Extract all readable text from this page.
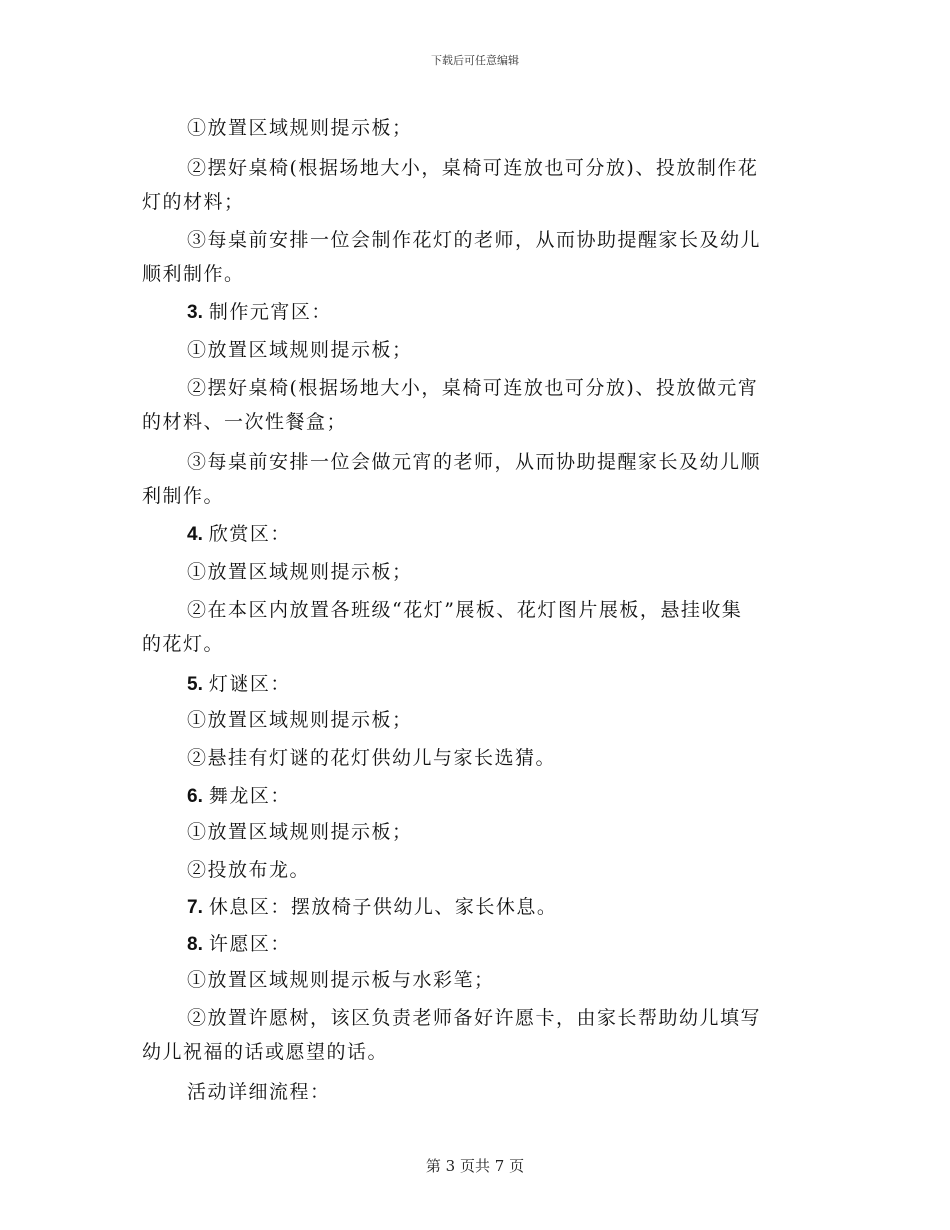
下载后可任意编辑
①放置区域规则提示板；
②摆好桌椅(根据场地大小，桌椅可连放也可分放)、投放制作花
灯的材料；
③每桌前安排一位会制作花灯的老师，从而协助提醒家长及幼儿
顺利制作。
3. 制作元宵区：
①放置区域规则提示板；
②摆好桌椅(根据场地大小，桌椅可连放也可分放)、投放做元宵
的材料、一次性餐盒；
③每桌前安排一位会做元宵的老师，从而协助提醒家长及幼儿顺
利制作。
4. 欣赏区：
①放置区域规则提示板；
②在本区内放置各班级“花灯”展板、花灯图片展板，悬挂收集
的花灯。
5. 灯谜区：
①放置区域规则提示板；
②悬挂有灯谜的花灯供幼儿与家长选猜。
6. 舞龙区：
①放置区域规则提示板；
②投放布龙。
7. 休息区：摆放椅子供幼儿、家长休息。
8. 许愿区：
①放置区域规则提示板与水彩笔；
②放置许愿树，该区负责老师备好许愿卡，由家长帮助幼儿填写
幼儿祝福的话或愿望的话。
活动详细流程：
第 3 页共 7 页
